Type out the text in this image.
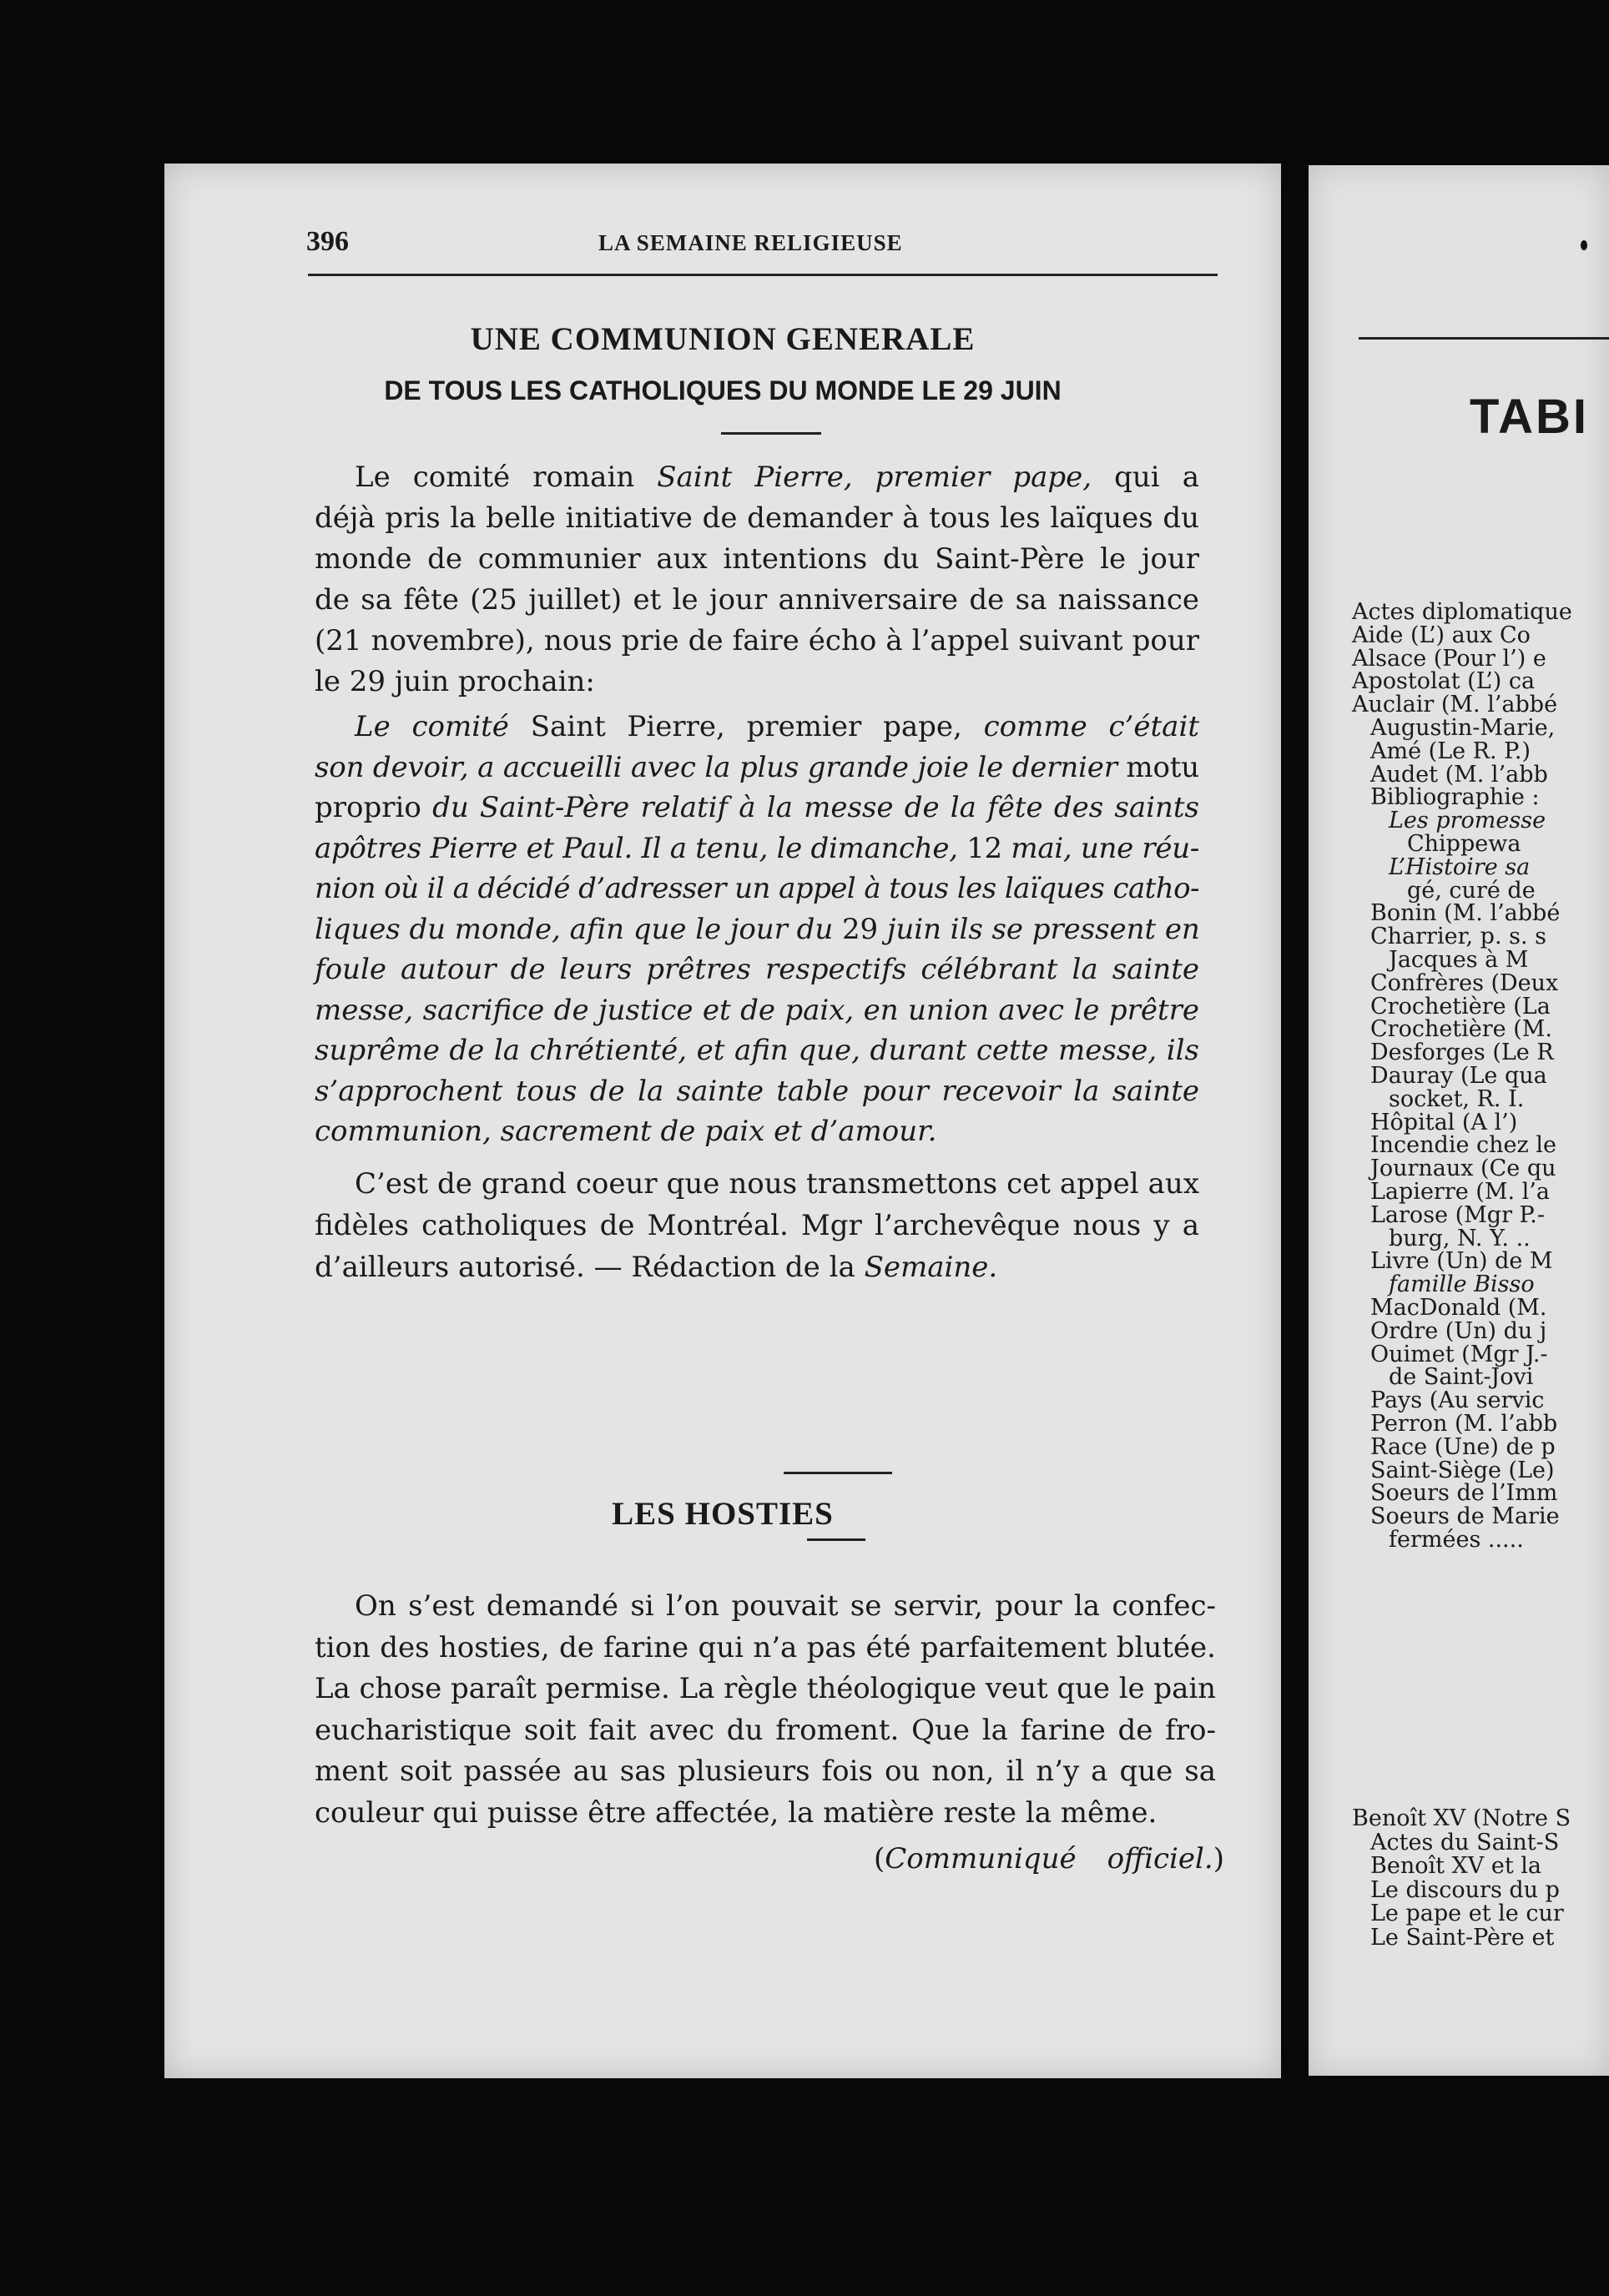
396	LA SEMAINE RELIGIEUSE
UNE COMMUNION GENERALE
DE TOUS LES CATHOLIQUES DU MONDE LE 29 JUIN
Le comité romain Saint Pierre, premier pape, qui a
déjà pris la belle initiative de demander à tous les laïques du
monde de communier aux intentions du Saint-Père le jour
de sa fête (25 juillet) et le jour anniversaire de sa naissance
(21 novembre), nous prie de faire écho à l’appel suivant pour
le 29 juin prochain:
Le comité Saint Pierre, premier pape, comme c’était
son devoir, a accueilli avec la plus grande joie le dernier motu
proprio du Saint-Père relatif à la messe de la fête des saints
apôtres Pierre et Paul. Il a tenu, le dimanche, 12 mai, une réu-
nion où il a décidé d’adresser un appel à tous les laïques catho-
liques du monde, afin que le jour du 29 juin ils se pressent en
foule autour de leurs prêtres respectifs célébrant la sainte
messe, sacrifice de justice et de paix, en union avec le prêtre
suprême de la chrétienté, et afin que, durant cette messe, ils
s’approchent tous de la sainte table pour recevoir la sainte
communion, sacrement de paix et d’amour.
C’est de grand coeur que nous transmettons cet appel aux
fidèles catholiques de Montréal. Mgr l’archevêque nous y a
d’ailleurs autorisé. — Rédaction de la Semaine.
LES HOSTIES
On s’est demandé si l’on pouvait se servir, pour la confec-
tion des hosties, de farine qui n’a pas été parfaitement blutée.
La chose paraît permise. La règle théologique veut que le pain
eucharistique soit fait avec du froment. Que la farine de fro-
ment soit passée au sas plusieurs fois ou non, il n’y a que sa
couleur qui puisse être affectée, la matière reste la même.
(Communiqué officiel.)
TABI
Actes diplomatique
Aide (L’) aux Co
Alsace (Pour l’) e
Apostolat (L’) ca
Auclair (M. l’abbé
Augustin-Marie,
Amé (Le R. P.)
Audet (M. l’abb
Bibliographie :
Les promesse
Chippewa
L’Histoire sa
gé, curé de
Bonin (M. l’abbé
Charrier, p. s. s
Jacques à M
Confrères (Deux
Crochetière (La
Crochetière (M.
Desforges (Le R
Dauray (Le qua
socket, R. I.
Hôpital (A l’)
Incendie chez le
Journaux (Ce qu
Lapierre (M. l’a
Larose (Mgr P.-
burg, N. Y. ..
Livre (Un) de M
famille Bisso
MacDonald (M.
Ordre (Un) du j
Ouimet (Mgr J.-
de Saint-Jovi
Pays (Au servic
Perron (M. l’abb
Race (Une) de p
Saint-Siège (Le)
Soeurs de l’Imm
Soeurs de Marie
fermées .....
Benoît XV (Notre S
Actes du Saint-S
Benoît XV et la
Le discours du p
Le pape et le cur
Le Saint-Père et
